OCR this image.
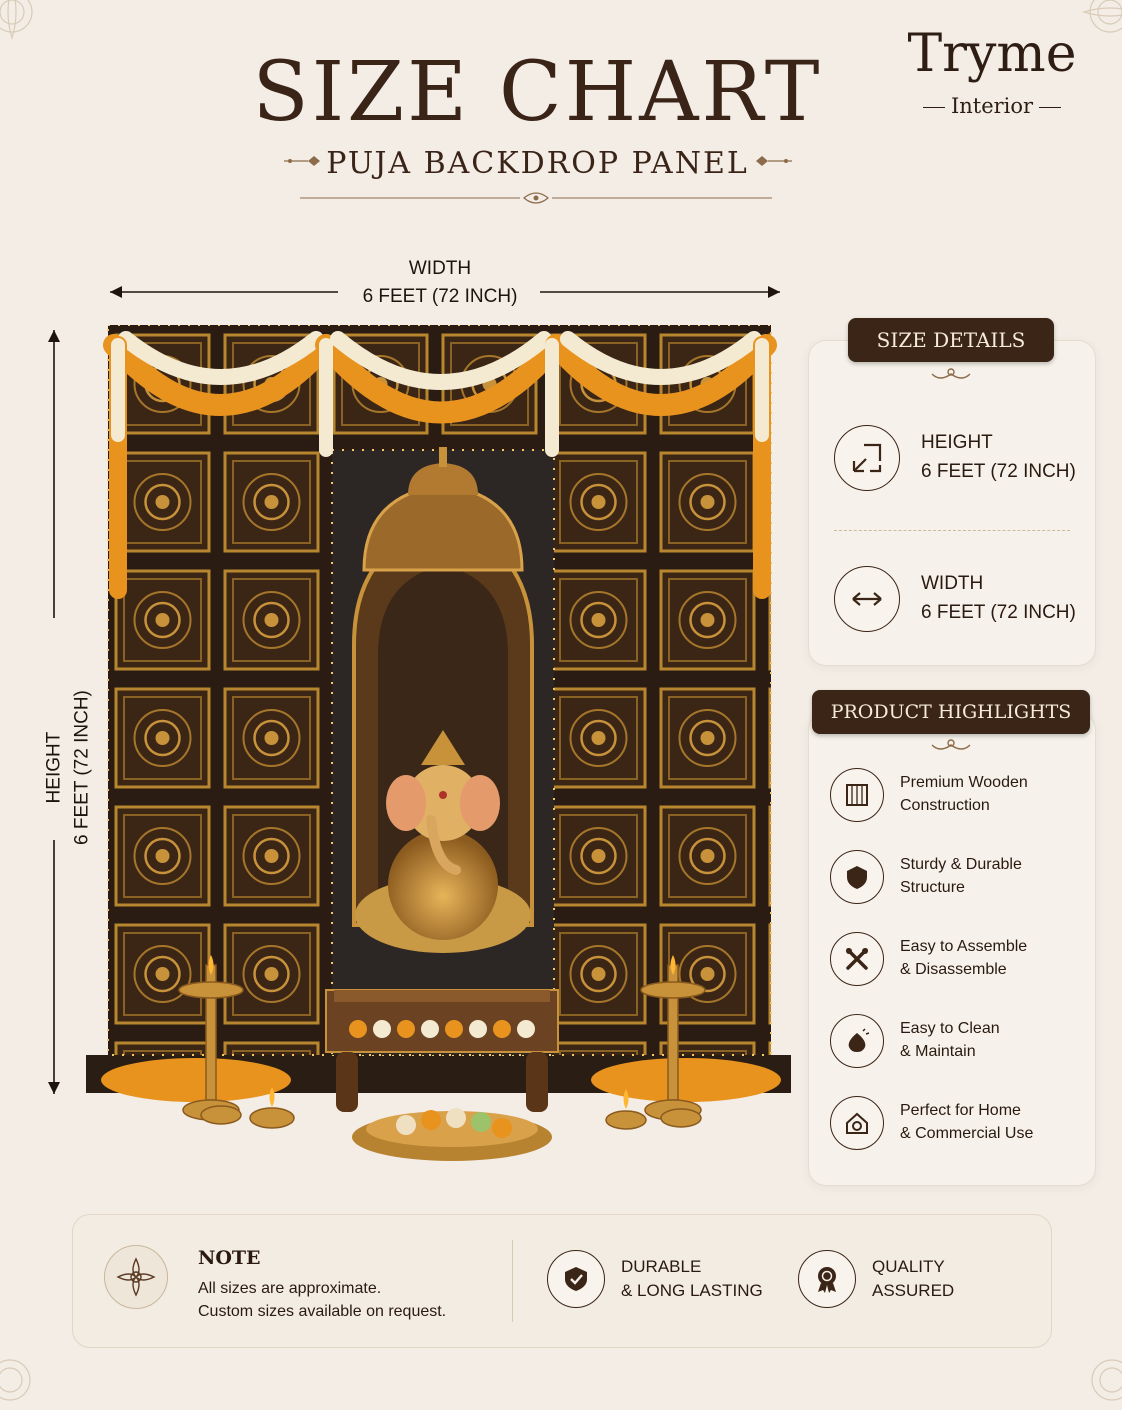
SIZE CHART
PUJA BACKDROP PANEL
Tryme
Interior
WIDTH
6 FEET (72 INCH)
HEIGHT 6 FEET (72 INCH)
SIZE DETAILS
HEIGHT
6 FEET (72 INCH)
WIDTH
6 FEET (72 INCH)
PRODUCT HIGHLIGHTS
Premium Wooden
Construction
Sturdy & Durable
Structure
Easy to Assemble
& Disassemble
Easy to Clean
& Maintain
Perfect for Home
& Commercial Use
NOTE
All sizes are approximate.
Custom sizes available on request.
DURABLE
& LONG LASTING
QUALITY
ASSURED
